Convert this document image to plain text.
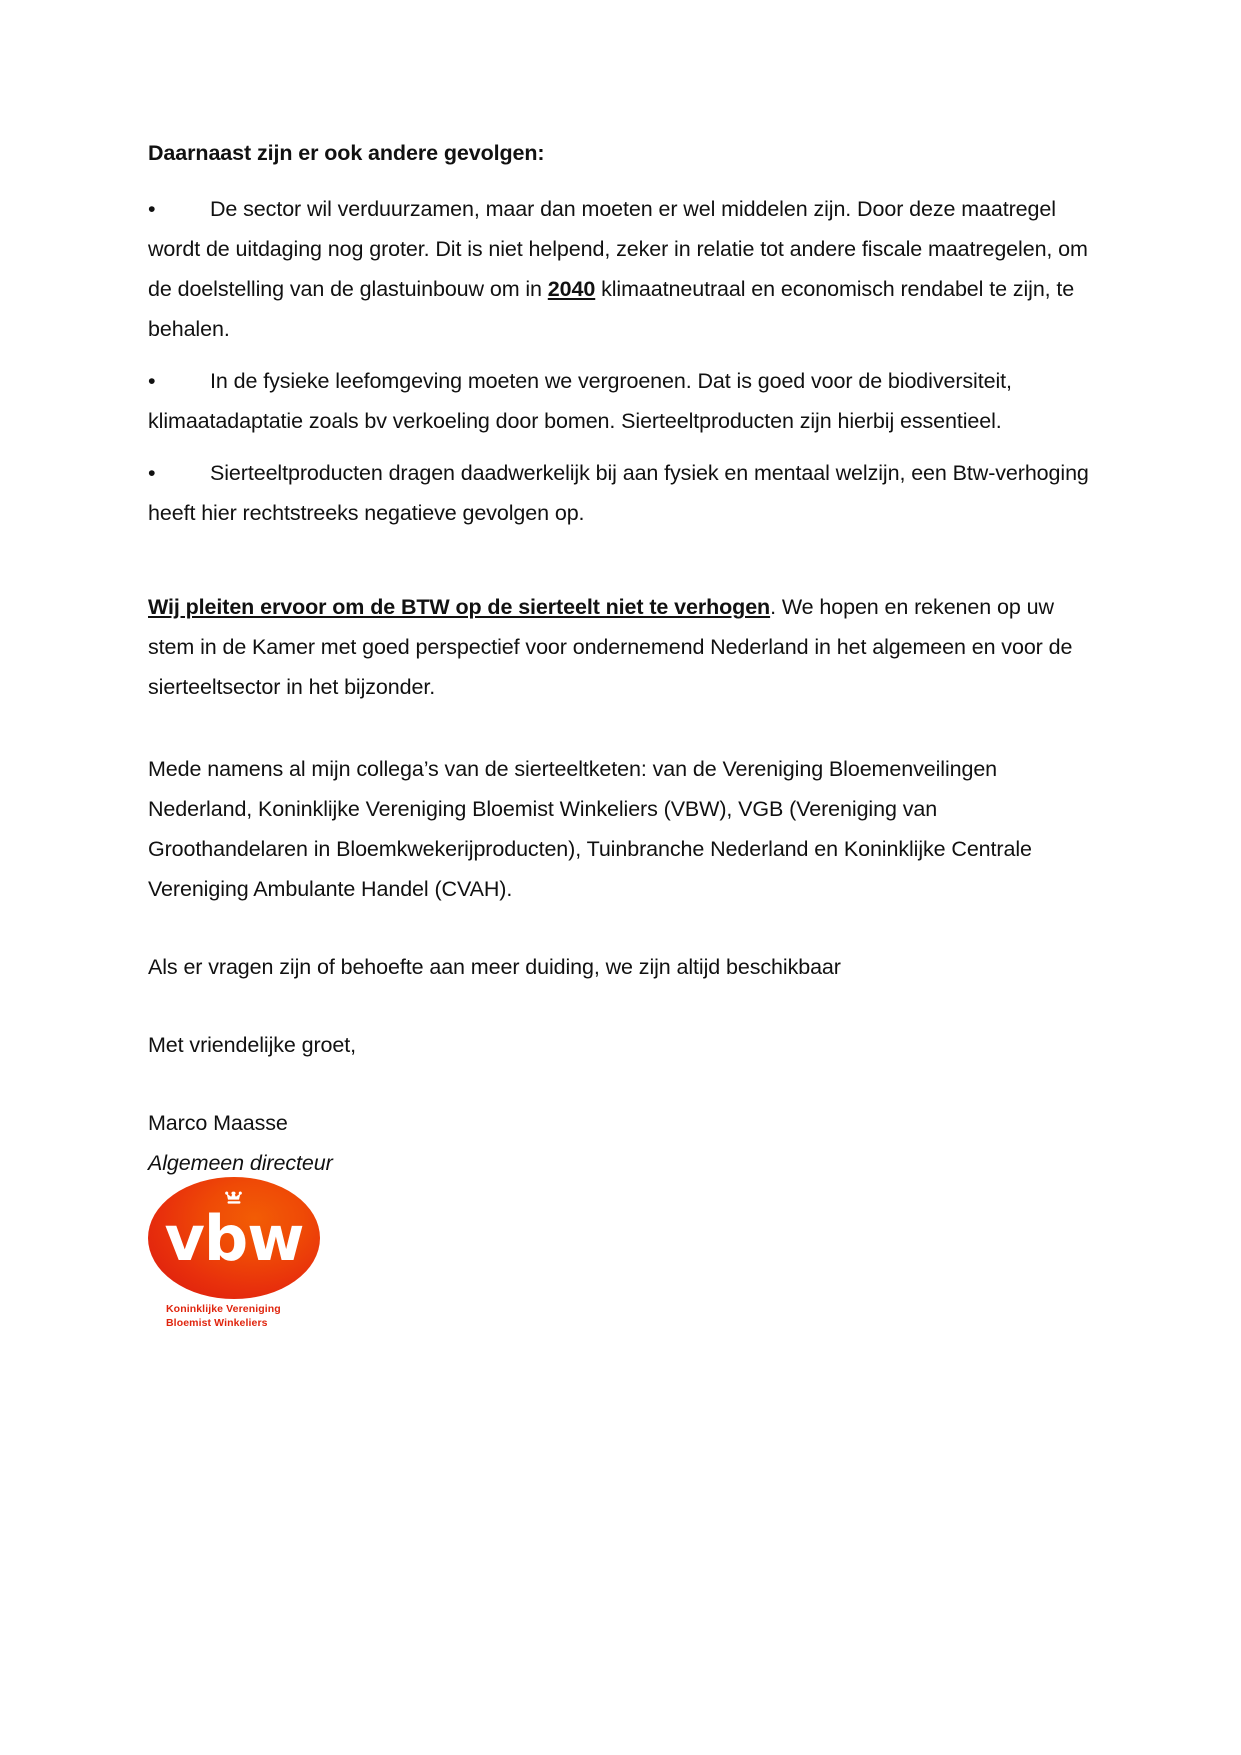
Daarnaast zijn er ook andere gevolgen:

•	De sector wil verduurzamen, maar dan moeten er wel middelen zijn. Door deze maatregel wordt de uitdaging nog groter. Dit is niet helpend, zeker in relatie tot andere fiscale maatregelen, om de doelstelling van de glastuinbouw om in 2040 klimaatneutraal en economisch rendabel te zijn, te behalen.

•	In de fysieke leefomgeving moeten we vergroenen. Dat is goed voor de biodiversiteit, klimaatadaptatie zoals bv verkoeling door bomen. Sierteeltproducten zijn hierbij essentieel.

•	Sierteeltproducten dragen daadwerkelijk bij aan fysiek en mentaal welzijn, een Btw-verhoging heeft hier rechtstreeks negatieve gevolgen op.

Wij pleiten ervoor om de BTW op de sierteelt niet te verhogen. We hopen en rekenen op uw stem in de Kamer met goed perspectief voor ondernemend Nederland in het algemeen en voor de sierteeltsector in het bijzonder.

Mede namens al mijn collega’s van de sierteeltketen: van de Vereniging Bloemenveilingen Nederland, Koninklijke Vereniging Bloemist Winkeliers (VBW), VGB (Vereniging van Groothandelaren in Bloemkwekerijproducten), Tuinbranche Nederland en Koninklijke Centrale Vereniging Ambulante Handel (CVAH).

Als er vragen zijn of behoefte aan meer duiding, we zijn altijd beschikbaar

Met vriendelijke groet,

Marco Maasse

Algemeen directeur

vbw
Koninklijke Vereniging
Bloemist Winkeliers
